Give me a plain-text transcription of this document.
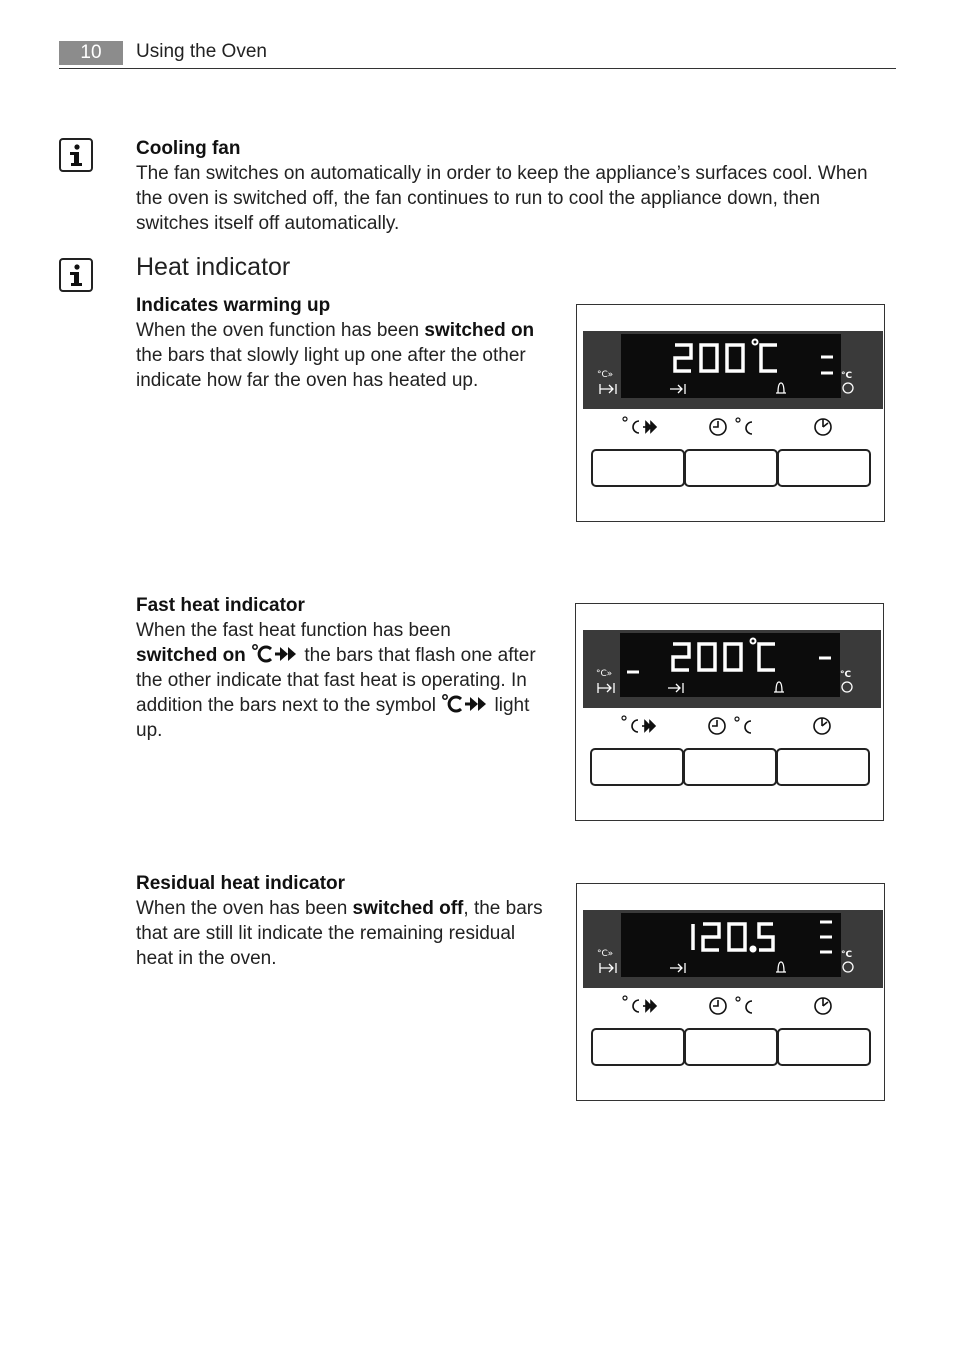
10	Using the Oven
Cooling fan
The fan switches on automatically in order to keep the appliance’s surfaces cool. When
the oven is switched off, the fan continues to run to cool the appliance down, then
switches itself off automatically.
Heat indicator
Indicates warming up
When the oven function has been switched on
the bars that slowly light up one after the other
indicate how far the oven has heated up.
Fast heat indicator
When the fast heat function has been
switched on	the bars that flash one after
the other indicate that fast heat is operating. In
addition the bars next to the symbol	light
up.
Residual heat indicator
When the oven has been switched off, the bars
that are still lit indicate the remaining residual
heat in the oven.
°C»	°C
°C»	°C
°C»	°C
